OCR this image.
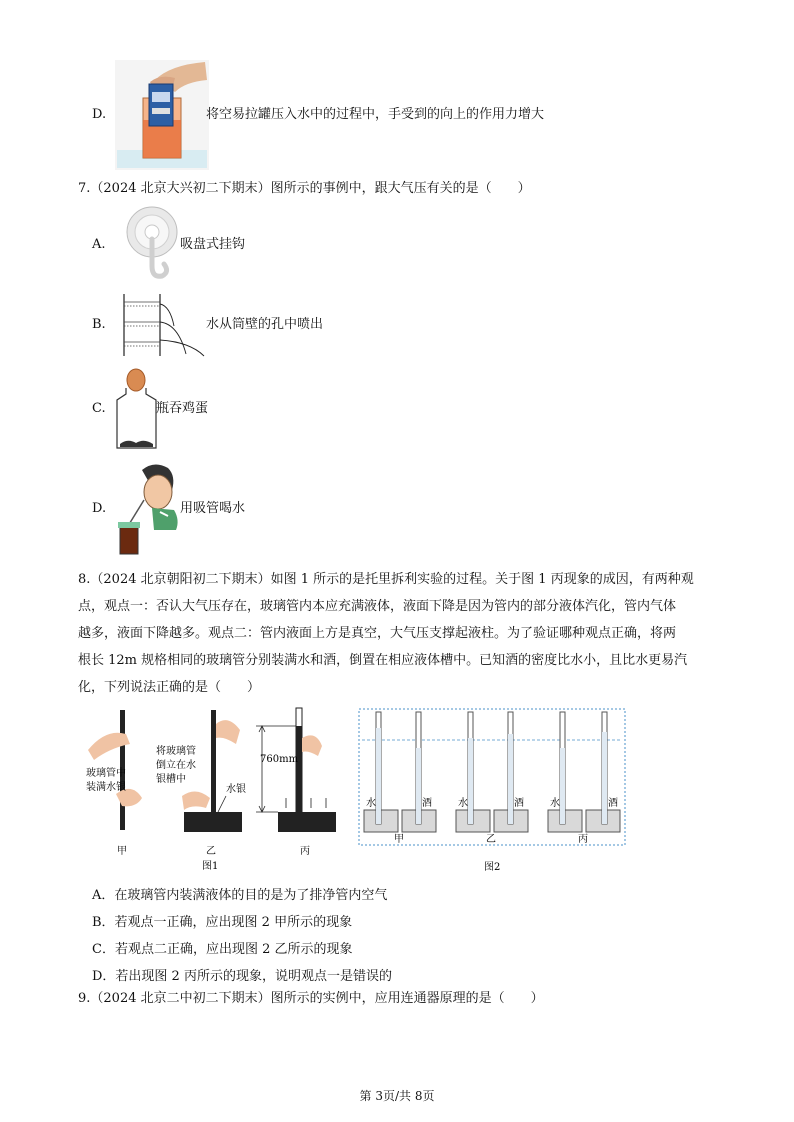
D.	将空易拉罐压入水中的过程中，手受到的向上的作用力增大
7.（2024 北京大兴初二下期末）图所示的事例中，跟大气压有关的是（　　）
A.	吸盘式挂钩
B.	水从筒壁的孔中喷出
C.	瓶吞鸡蛋
D.	用吸管喝水
8.（2024 北京朝阳初二下期末）如图 1 所示的是托里拆利实验的过程。关于图 1 丙现象的成因，有两种观
点，观点一：否认大气压存在，玻璃管内本应充满液体，液面下降是因为管内的部分液体汽化，管内气体
越多，液面下降越多。观点二：管内液面上方是真空，大气压支撑起液柱。为了验证哪种观点正确，将两
根长 12m 规格相同的玻璃管分别装满水和酒，倒置在相应液体槽中。已知酒的密度比水小，且比水更易汽
化，下列说法正确的是（　　）
玻璃管中
装满水银
甲
将玻璃管
倒立在水
银槽中
水银
乙
760mm
丙
图1
水	酒
甲
水	酒
乙
水	酒
丙
图2
A．在玻璃管内装满液体的目的是为了排净管内空气
B．若观点一正确，应出现图 2 甲所示的现象
C．若观点二正确，应出现图 2 乙所示的现象
D．若出现图 2 丙所示的现象，说明观点一是错误的
9.（2024 北京二中初二下期末）图所示的实例中，应用连通器原理的是（　　）
第 3页/共 8页
